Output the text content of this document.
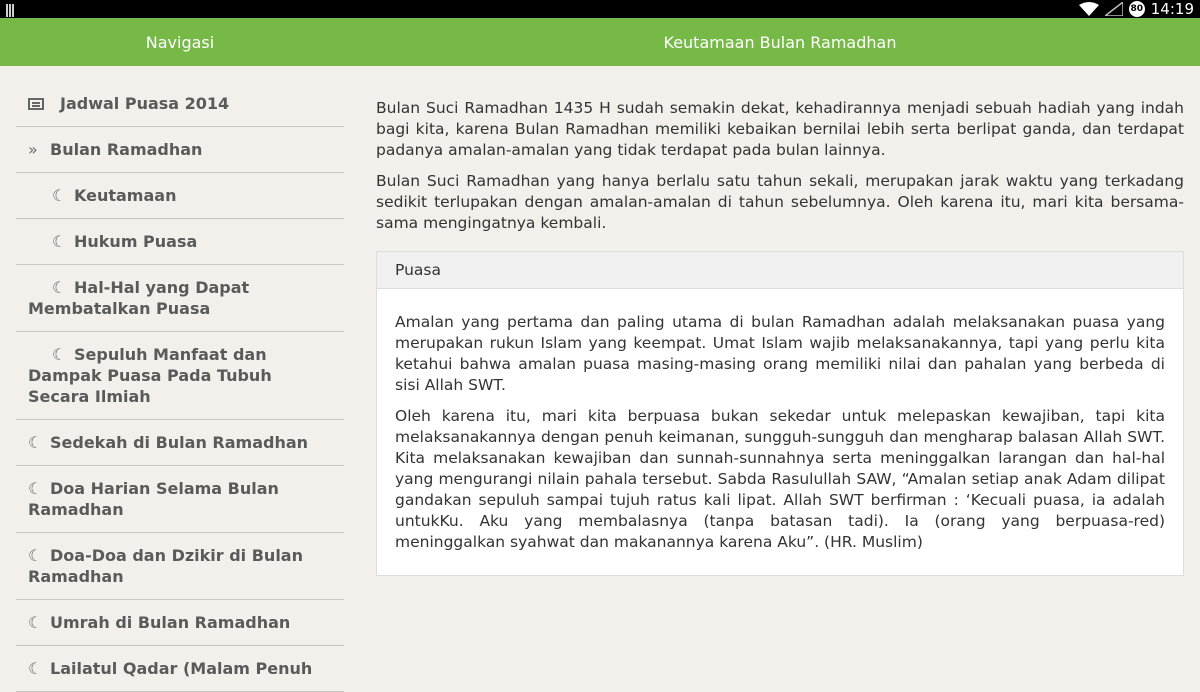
80 14:19
Navigasi	Keutamaan Bulan Ramadhan
Jadwal Puasa 2014
» Bulan Ramadhan
☾ Keutamaan
☾ Hukum Puasa
☾ Hal-Hal yang Dapat Membatalkan Puasa
☾ Sepuluh Manfaat dan Dampak Puasa Pada Tubuh Secara Ilmiah
☾ Sedekah di Bulan Ramadhan
☾ Doa Harian Selama Bulan Ramadhan
☾ Doa-Doa dan Dzikir di Bulan Ramadhan
☾ Umrah di Bulan Ramadhan
☾ Lailatul Qadar (Malam Penuh

Bulan Suci Ramadhan 1435 H sudah semakin dekat, kehadirannya menjadi sebuah hadiah yang indah bagi kita, karena Bulan Ramadhan memiliki kebaikan bernilai lebih serta berlipat ganda, dan terdapat padanya amalan-amalan yang tidak terdapat pada bulan lainnya.

Bulan Suci Ramadhan yang hanya berlalu satu tahun sekali, merupakan jarak waktu yang terkadang sedikit terlupakan dengan amalan-amalan di tahun sebelumnya. Oleh karena itu, mari kita bersama-sama mengingatnya kembali.

Puasa

Amalan yang pertama dan paling utama di bulan Ramadhan adalah melaksanakan puasa yang merupakan rukun Islam yang keempat. Umat Islam wajib melaksanakannya, tapi yang perlu kita ketahui bahwa amalan puasa masing-masing orang memiliki nilai dan pahalan yang berbeda di sisi Allah SWT.

Oleh karena itu, mari kita berpuasa bukan sekedar untuk melepaskan kewajiban, tapi kita melaksanakannya dengan penuh keimanan, sungguh-sungguh dan mengharap balasan Allah SWT. Kita melaksanakan kewajiban dan sunnah-sunnahnya serta meninggalkan larangan dan hal-hal yang mengurangi nilain pahala tersebut. Sabda Rasulullah SAW, “Amalan setiap anak Adam dilipat gandakan sepuluh sampai tujuh ratus kali lipat. Allah SWT berfirman : ‘Kecuali puasa, ia adalah untukKu. Aku yang membalasnya (tanpa batasan tadi). Ia (orang yang berpuasa-red) meninggalkan syahwat dan makanannya karena Aku”. (HR. Muslim)
